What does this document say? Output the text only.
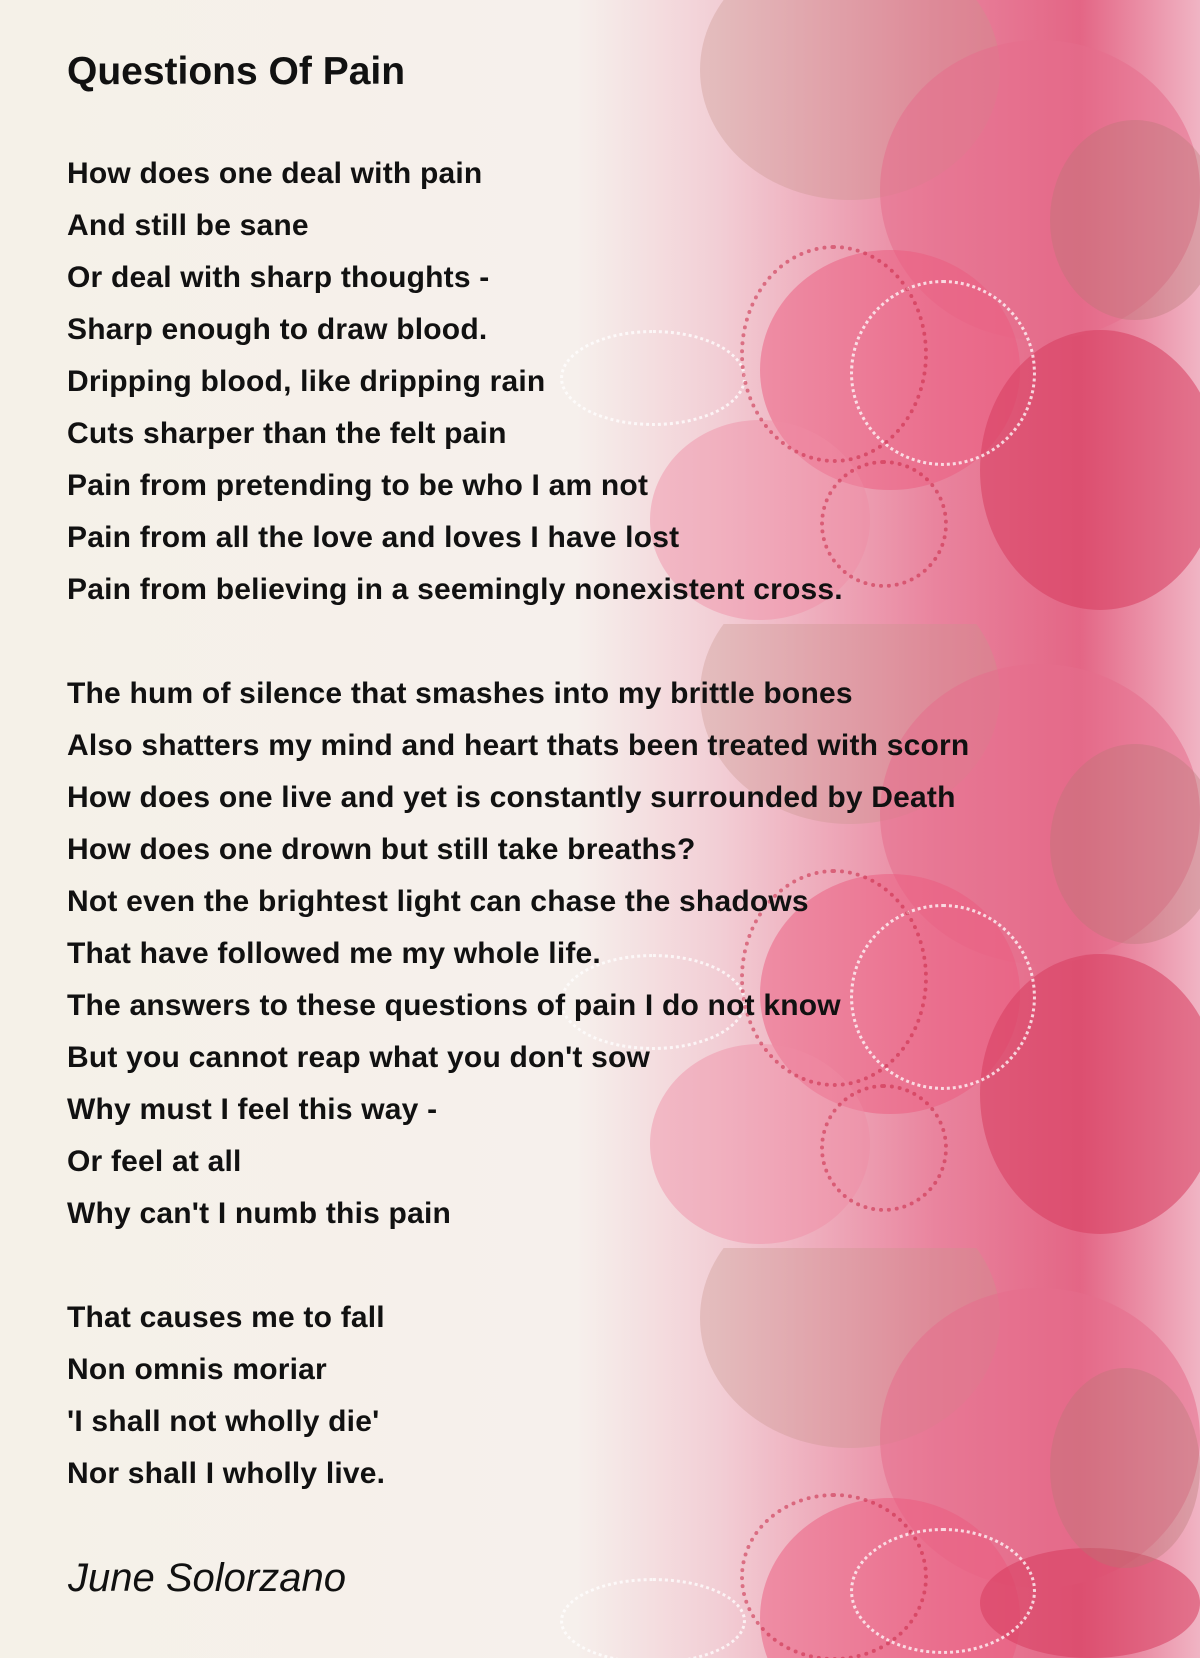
Questions Of Pain

How does one deal with pain

And still be sane

Or deal with sharp thoughts -

Sharp enough to draw blood.

Dripping blood, like dripping rain

Cuts sharper than the felt pain

Pain from pretending to be who I am not

Pain from all the love and loves I have lost

Pain from believing in a seemingly nonexistent cross.

The hum of silence that smashes into my brittle bones

Also shatters my mind and heart thats been treated with scorn

How does one live and yet is constantly surrounded by Death

How does one drown but still take breaths?

Not even the brightest light can chase the shadows

That have followed me my whole life.

The answers to these questions of pain I do not know

But you cannot reap what you don't sow

Why must I feel this way -

Or feel at all

Why can't I numb this pain

That causes me to fall

Non omnis moriar

'I shall not wholly die'

Nor shall I wholly live.

June Solorzano
